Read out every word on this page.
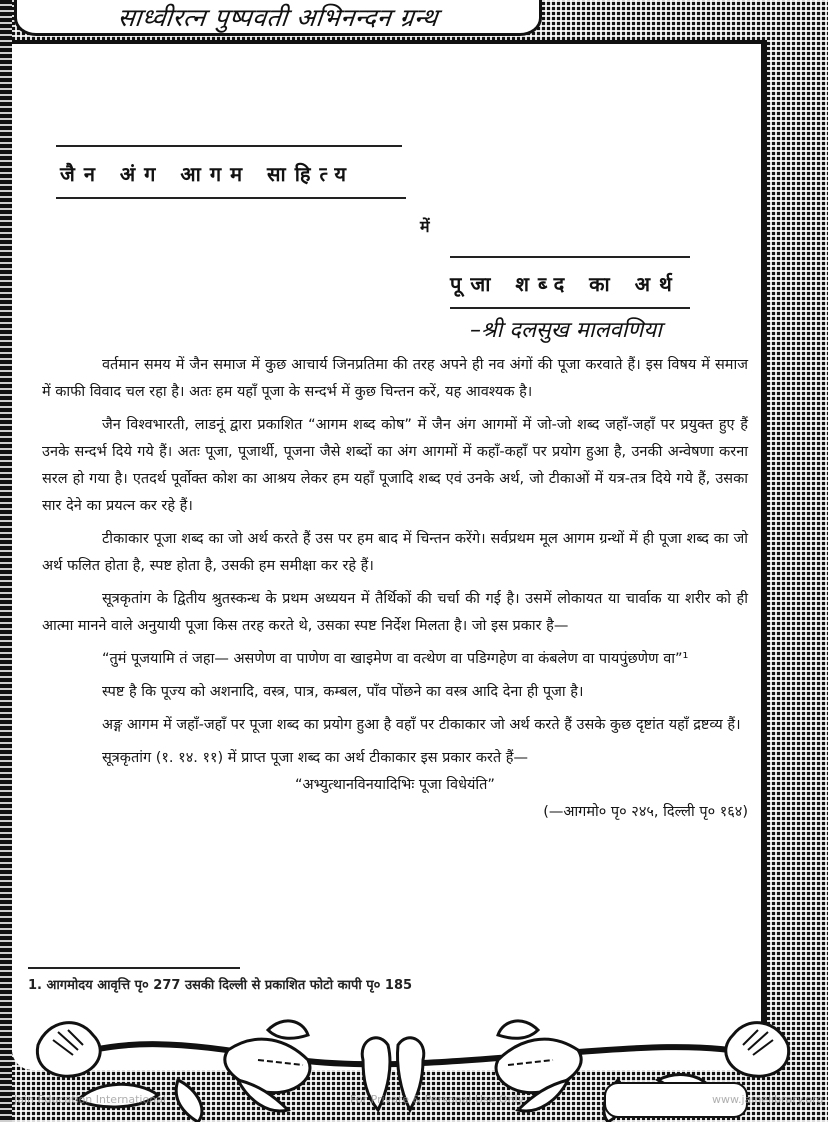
साध्वीरत्न पुष्पवती अभिनन्दन ग्रन्थ
जैन अंग आगम साहित्य
में
पूजा शब्द का अर्थ
–श्री दलसुख मालवणिया

वर्तमान समय में जैन समाज में कुछ आचार्य जिनप्रतिमा की तरह अपने ही नव अंगों की पूजा करवाते हैं। इस विषय में समाज में काफी विवाद चल रहा है। अतः हम यहाँ पूजा के सन्दर्भ में कुछ चिन्तन करें, यह आवश्यक है।

जैन विश्वभारती, लाडनूं द्वारा प्रकाशित “आगम शब्द कोष” में जैन अंग आगमों में जो-जो शब्द जहाँ-जहाँ पर प्रयुक्त हुए हैं उनके सन्दर्भ दिये गये हैं। अतः पूजा, पूजार्थी, पूजना जैसे शब्दों का अंग आगमों में कहाँ-कहाँ पर प्रयोग हुआ है, उनकी अन्वेषणा करना सरल हो गया है। एतदर्थ पूर्वोक्त कोश का आश्रय लेकर हम यहाँ पूजादि शब्द एवं उनके अर्थ, जो टीकाओं में यत्र-तत्र दिये गये हैं, उसका सार देने का प्रयत्न कर रहे हैं।

टीकाकार पूजा शब्द का जो अर्थ करते हैं उस पर हम बाद में चिन्तन करेंगे। सर्वप्रथम मूल आगम ग्रन्थों में ही पूजा शब्द का जो अर्थ फलित होता है, स्पष्ट होता है, उसकी हम समीक्षा कर रहे हैं।

सूत्रकृतांग के द्वितीय श्रुतस्कन्ध के प्रथम अध्ययन में तैर्थिकों की चर्चा की गई है। उसमें लोकायत या चार्वाक या शरीर को ही आत्मा मानने वाले अनुयायी पूजा किस तरह करते थे, उसका स्पष्ट निर्देश मिलता है। जो इस प्रकार है—

“तुमं पूजयामि तं जहा— असणेण वा पाणेण वा खाइमेण वा वत्थेण वा पडिग्गहेण वा कंबलेण वा पायपुंछणेण वा”¹

स्पष्ट है कि पूज्य को अशनादि, वस्त्र, पात्र, कम्बल, पाँव पोंछने का वस्त्र आदि देना ही पूजा है।

अङ्ग आगम में जहाँ-जहाँ पर पूजा शब्द का प्रयोग हुआ है वहाँ पर टीकाकार जो अर्थ करते हैं उसके कुछ दृष्टांत यहाँ द्रष्टव्य हैं।

सूत्रकृतांग (१. १४. ११) में प्राप्त पूजा शब्द का अर्थ टीकाकार इस प्रकार करते हैं—

“अभ्युत्थानविनयादिभिः पूजा विधेयंति”

(—आगमो० पृ० २४५, दिल्ली पृ० १६४)

1. आगमोदय आवृत्ति पृ० 277 उसकी दिल्ली से प्रकाशित फोटो कापी पृ० 185
Jain Education International	For Private & Personal Use Only	www.jainelibrary.org
